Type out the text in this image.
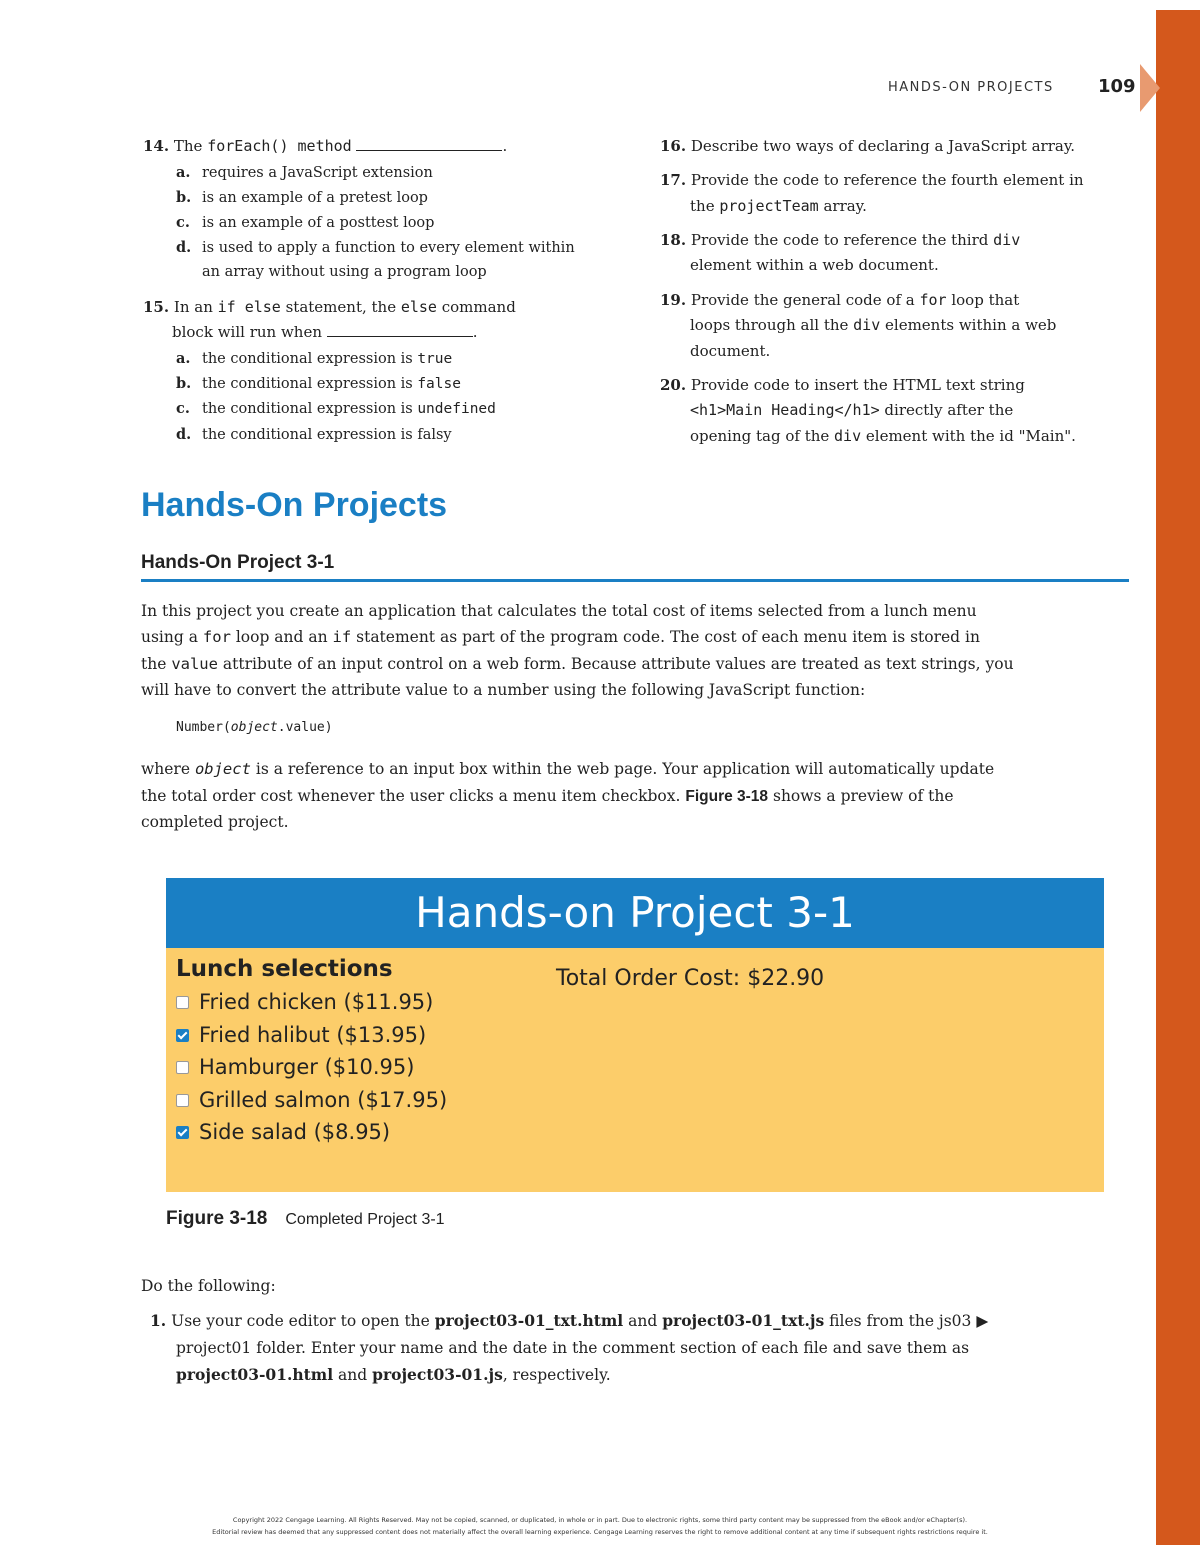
HANDS-ON PROJECTS 109
14. The forEach() method	.
a. requires a JavaScript extension
b. is an example of a pretest loop
c. is an example of a posttest loop
d. is used to apply a function to every element within
an array without using a program loop
15. In an if else statement, the else command
block will run when	.
a. the conditional expression is true
b. the conditional expression is false
c. the conditional expression is undefined
d. the conditional expression is falsy
16. Describe two ways of declaring a JavaScript array.
17. Provide the code to reference the fourth element in
the projectTeam array.
18. Provide the code to reference the third div
element within a web document.
19. Provide the general code of a for loop that
loops through all the div elements within a web
document.
20. Provide code to insert the HTML text string
<h1>Main Heading</h1> directly after the
opening tag of the div element with the id "Main".
Hands-On Projects
Hands-On Project 3-1
In this project you create an application that calculates the total cost of items selected from a lunch menu
using a for loop and an if statement as part of the program code. The cost of each menu item is stored in
the value attribute of an input control on a web form. Because attribute values are treated as text strings, you
will have to convert the attribute value to a number using the following JavaScript function:
Number(object.value)
where object is a reference to an input box within the web page. Your application will automatically update
the total order cost whenever the user clicks a menu item checkbox. Figure 3-18 shows a preview of the
completed project.
Hands-on Project 3-1
Lunch selections
Fried chicken ($11.95)
Fried halibut ($13.95)
Hamburger ($10.95)
Grilled salmon ($17.95)
Side salad ($8.95)
Total Order Cost: $22.90
Figure 3-18 Completed Project 3-1
Do the following:
1. Use your code editor to open the project03-01_txt.html and project03-01_txt.js files from the js03 ▶
project01 folder. Enter your name and the date in the comment section of each file and save them as
project03-01.html and project03-01.js, respectively.
Copyright 2022 Cengage Learning. All Rights Reserved. May not be copied, scanned, or duplicated, in whole or in part. Due to electronic rights, some third party content may be suppressed from the eBook and/or eChapter(s).
Editorial review has deemed that any suppressed content does not materially affect the overall learning experience. Cengage Learning reserves the right to remove additional content at any time if subsequent rights restrictions require it.
